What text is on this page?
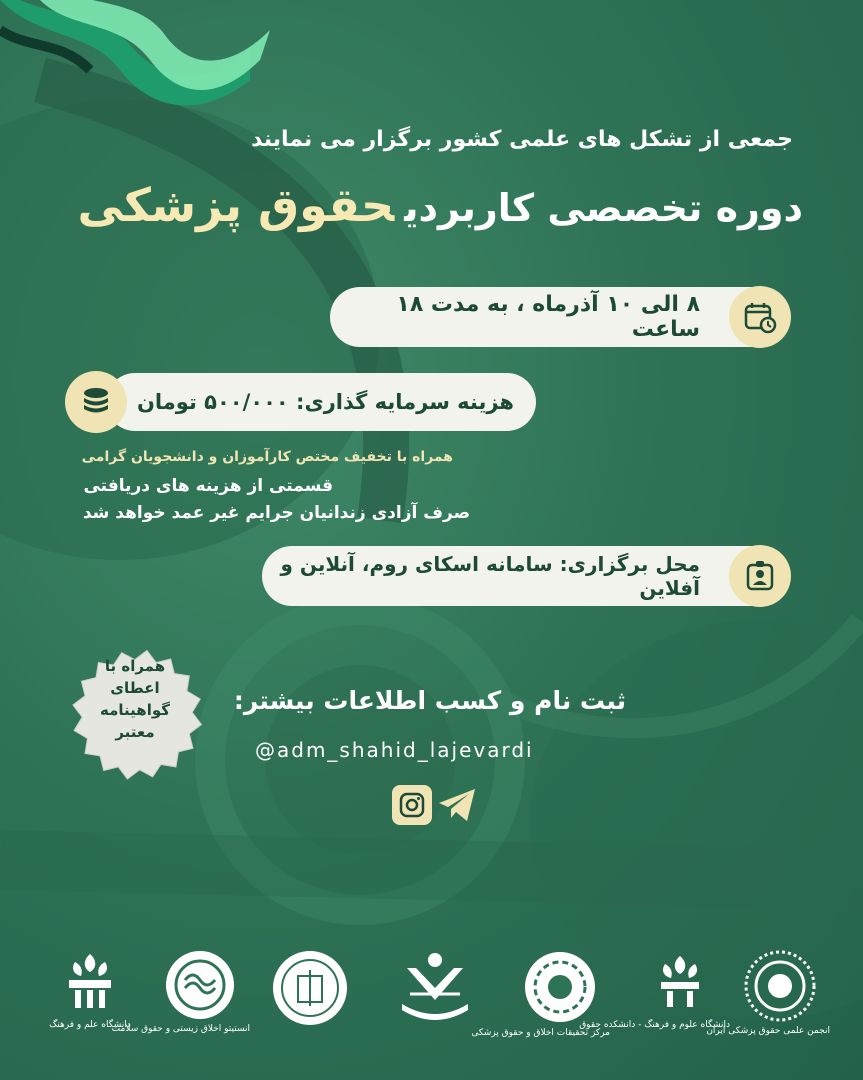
جمعی از تشکل های علمی کشور برگزار می نمایند
دوره تخصصی کاربردیحقوق پزشکی
۸ الی ۱۰ آذرماه ، به مدت ۱۸ ساعت
هزینه سرمایه گذاری: ۵۰۰/۰۰۰ تومان
همراه با تخفیف مختص کارآموزان و دانشجویان گرامی
قسمتی از هزینه های دریافتی
صرف آزادی زندانیان جرایم غیر عمد خواهد شد
محل برگزاری: سامانه اسکای روم، آنلاین و آفلاین
همراه با
اعطای
گواهینامه
معتبر
ثبت نام و کسب اطلاعات بیشتر:
@adm_shahid_lajevardi
دانشگاه علم و فرهنگ
انستیتو اخلاق زیستی و حقوق سلامت	مرکز تحقیقات اخلاق و حقوق پزشکی
دانشگاه علوم و فرهنگ - دانشکده حقوق
انجمن علمی حقوق پزشکی ایران
